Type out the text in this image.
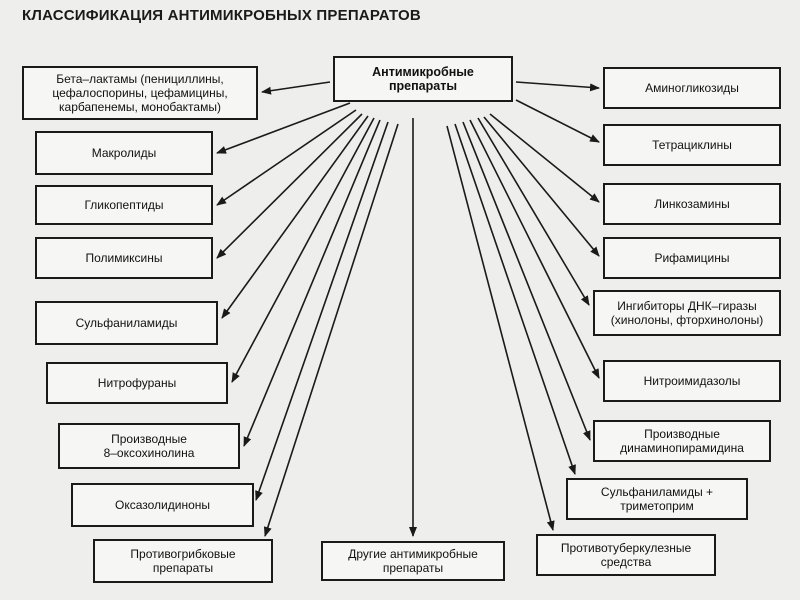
КЛАССИФИКАЦИЯ АНТИМИКРОБНЫХ ПРЕПАРАТОВ
Антимикробные
препараты
Бета–лактамы (пенициллины,
цефалоспорины, цефамицины,
карбапенемы, монобактамы)
Макролиды
Гликопептиды
Полимиксины
Сульфаниламиды
Нитрофураны
Производные
8–оксохинолина
Оксазолидиноны
Противогрибковые
препараты
Другие антимикробные
препараты
Аминогликозиды
Тетрациклины
Линкозамины
Рифамицины
Ингибиторы ДНК–гиразы
(хинолоны, фторхинолоны)
Нитроимидазолы
Производные
динаминопирамидина
Сульфаниламиды +
триметоприм
Противотуберкулезные
средства
